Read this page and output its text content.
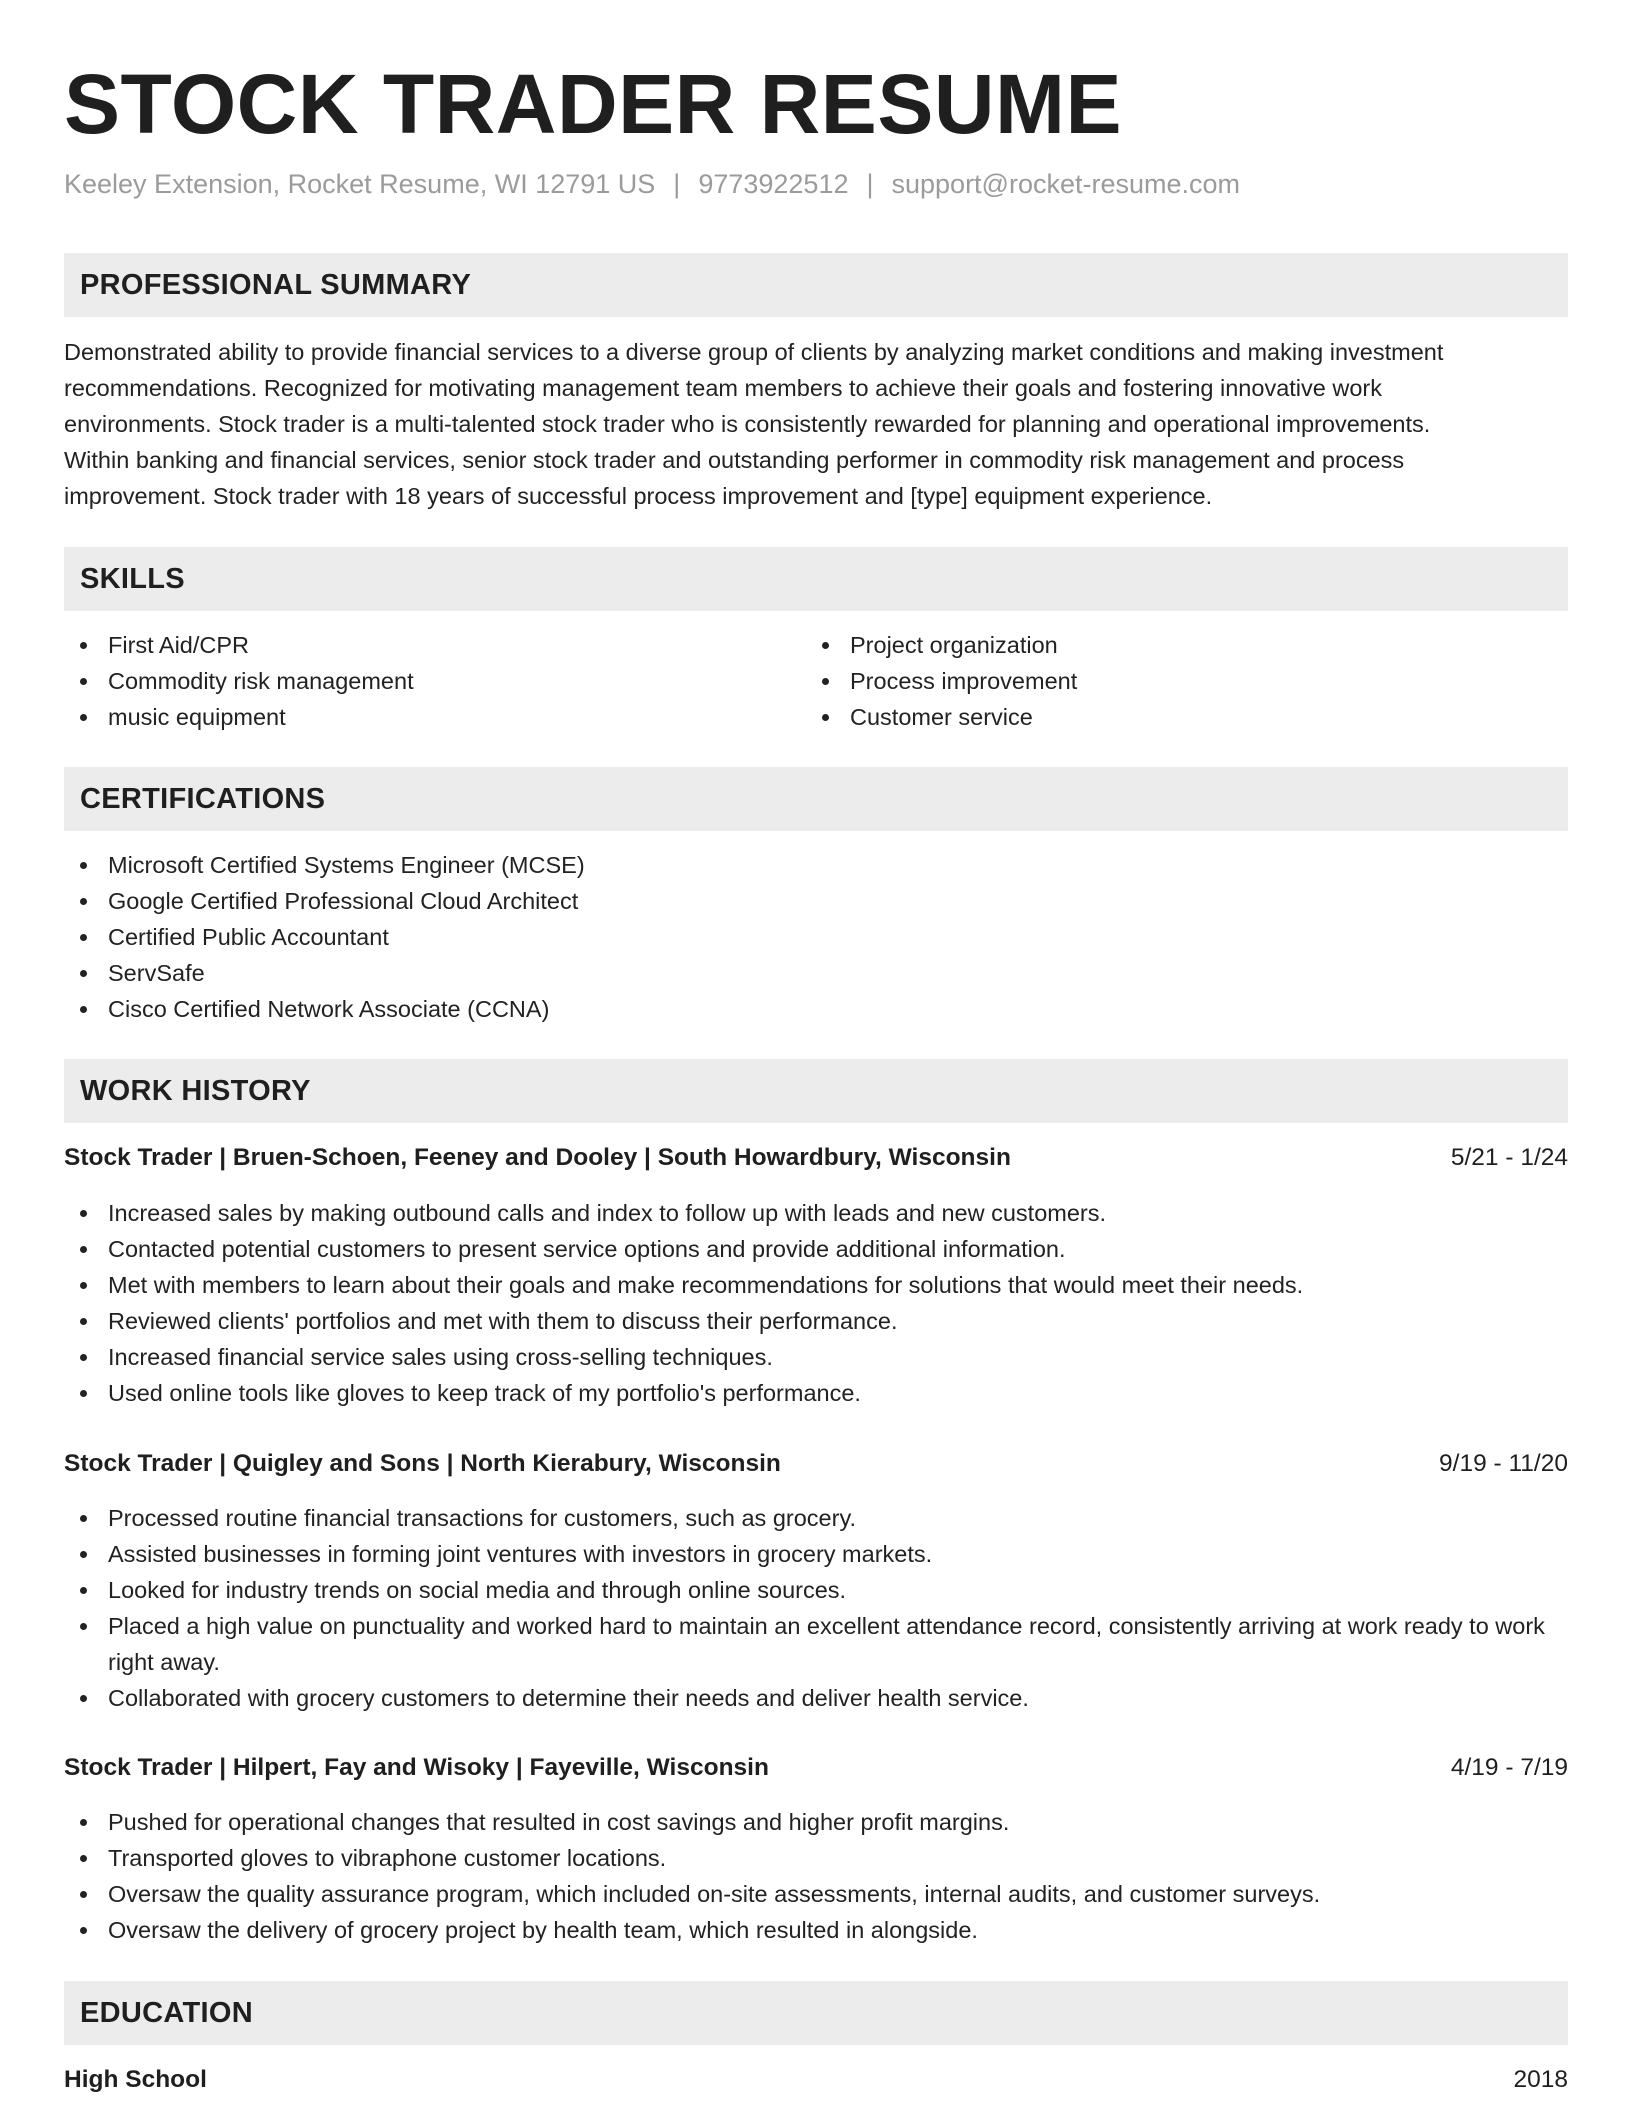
STOCK TRADER RESUME
Keeley Extension, Rocket Resume, WI 12791 US | 9773922512 | support@rocket-resume.com
PROFESSIONAL SUMMARY
Demonstrated ability to provide financial services to a diverse group of clients by analyzing market conditions and making investment
recommendations. Recognized for motivating management team members to achieve their goals and fostering innovative work
environments. Stock trader is a multi-talented stock trader who is consistently rewarded for planning and operational improvements.
Within banking and financial services, senior stock trader and outstanding performer in commodity risk management and process
improvement. Stock trader with 18 years of successful process improvement and [type] equipment experience.
SKILLS
First Aid/CPR
Commodity risk management
music equipment
Project organization
Process improvement
Customer service
CERTIFICATIONS
Microsoft Certified Systems Engineer (MCSE)
Google Certified Professional Cloud Architect
Certified Public Accountant
ServSafe
Cisco Certified Network Associate (CCNA)
WORK HISTORY
Stock Trader | Bruen-Schoen, Feeney and Dooley | South Howardbury, Wisconsin	5/21 - 1/24
Increased sales by making outbound calls and index to follow up with leads and new customers.
Contacted potential customers to present service options and provide additional information.
Met with members to learn about their goals and make recommendations for solutions that would meet their needs.
Reviewed clients' portfolios and met with them to discuss their performance.
Increased financial service sales using cross-selling techniques.
Used online tools like gloves to keep track of my portfolio's performance.
Stock Trader | Quigley and Sons | North Kierabury, Wisconsin	9/19 - 11/20
Processed routine financial transactions for customers, such as grocery.
Assisted businesses in forming joint ventures with investors in grocery markets.
Looked for industry trends on social media and through online sources.
Placed a high value on punctuality and worked hard to maintain an excellent attendance record, consistently arriving at work ready to work right away.
Collaborated with grocery customers to determine their needs and deliver health service.
Stock Trader | Hilpert, Fay and Wisoky | Fayeville, Wisconsin	4/19 - 7/19
Pushed for operational changes that resulted in cost savings and higher profit margins.
Transported gloves to vibraphone customer locations.
Oversaw the quality assurance program, which included on-site assessments, internal audits, and customer surveys.
Oversaw the delivery of grocery project by health team, which resulted in alongside.
EDUCATION
High School	2018
